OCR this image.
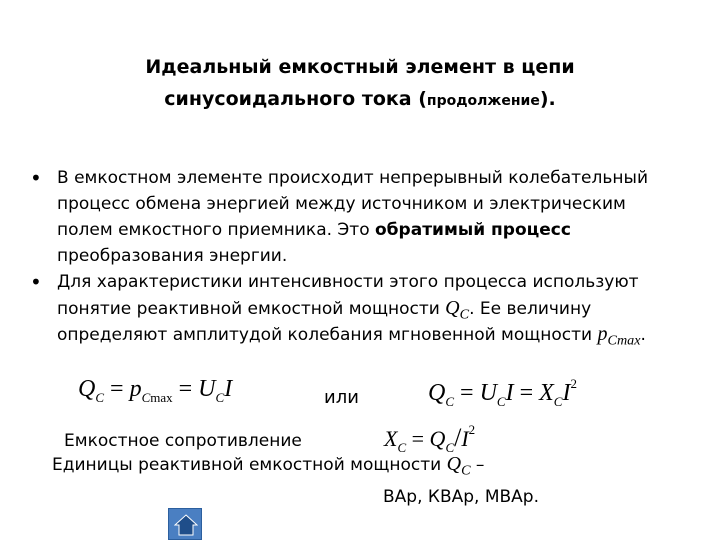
Идеальный емкостный элемент в цепи
синусоидального тока (продолжение).
• В емкостном элементе происходит непрерывный колебательный
процесс обмена энергией между источником и электрическим
полем емкостного приемника. Это обратимый процесс
преобразования энергии.
• Для характеристики интенсивности этого процесса используют
понятие реактивной емкостной мощности $Q_C$. Ее величину
определяют амплитудой колебания мгновенной мощности $p_{Cmax}$.
$Q_C = p_{Cmax} = U_CI$	или	$Q_C = U_CI = X_CI^2$
Емкостное сопротивление	$X_C = Q_C/I^2$
Единицы реактивной емкостной мощности $Q_C$ –
ВАр, КВАр, МВАр.
